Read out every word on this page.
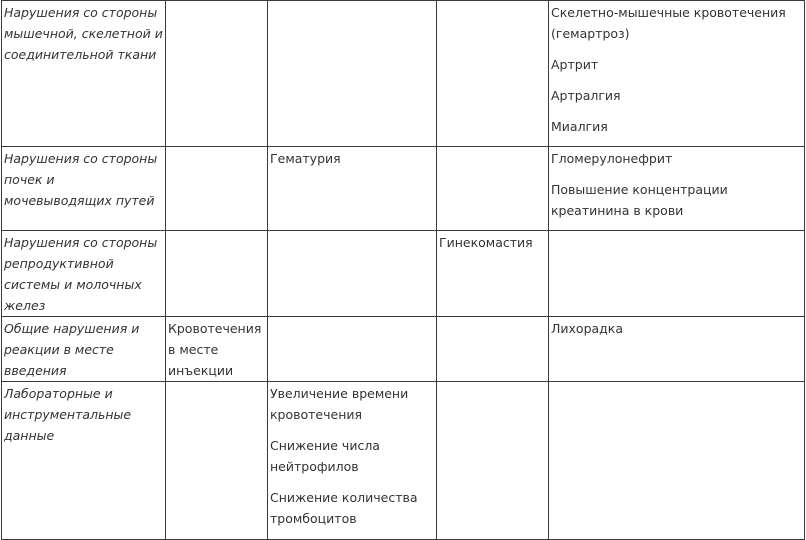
Нарушения со стороны мышечной, скелетной и соединительной ткани				Скелетно-мышечные кровотечения (гемартроз)
Артрит
Артралгия
Миалгия

Нарушения со стороны почек и мочевыводящих путей		Гематурия		Гломерулонефрит
Повышение концентрации креатинина в крови

Нарушения со стороны репродуктивной системы и молочных желез			Гинекомастия	

Общие нарушения и реакции в месте введения	Кровотечения в месте инъекции			Лихорадка

Лабораторные и инструментальные данные		Увеличение времени кровотечения
Снижение числа нейтрофилов
Снижение количества тромбоцитов		
